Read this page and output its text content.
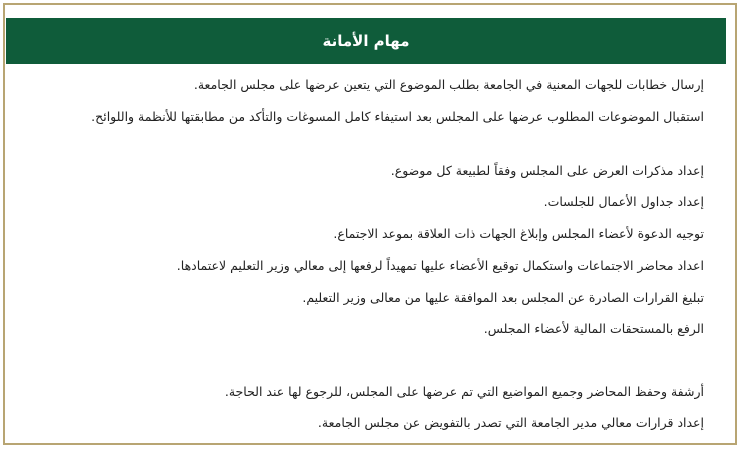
مهام الأمانة
إرسال خطابات للجهات المعنية في الجامعة بطلب الموضوع التي يتعين عرضها على مجلس الجامعة.
استقبال الموضوعات المطلوب عرضها على المجلس بعد استيفاء كامل المسوغات والتأكد من مطابقتها للأنظمة واللوائح.
إعداد مذكرات العرض على المجلس وفقاً لطبيعة كل موضوع.
إعداد جداول الأعمال للجلسات.
توجيه الدعوة لأعضاء المجلس وإبلاغ الجهات ذات العلاقة بموعد الاجتماع.
اعداد محاضر الاجتماعات واستكمال توقيع الأعضاء عليها تمهيداً لرفعها إلى معالي وزير التعليم لاعتمادها.
تبليغ القرارات الصادرة عن المجلس بعد الموافقة عليها من معالى وزير التعليم.
الرفع بالمستحقات المالية لأعضاء المجلس.
أرشفة وحفظ المحاضر وجميع المواضيع التي تم عرضها على المجلس، للرجوع لها عند الحاجة.
إعداد قرارات معالي مدير الجامعة التي تصدر بالتفويض عن مجلس الجامعة.
